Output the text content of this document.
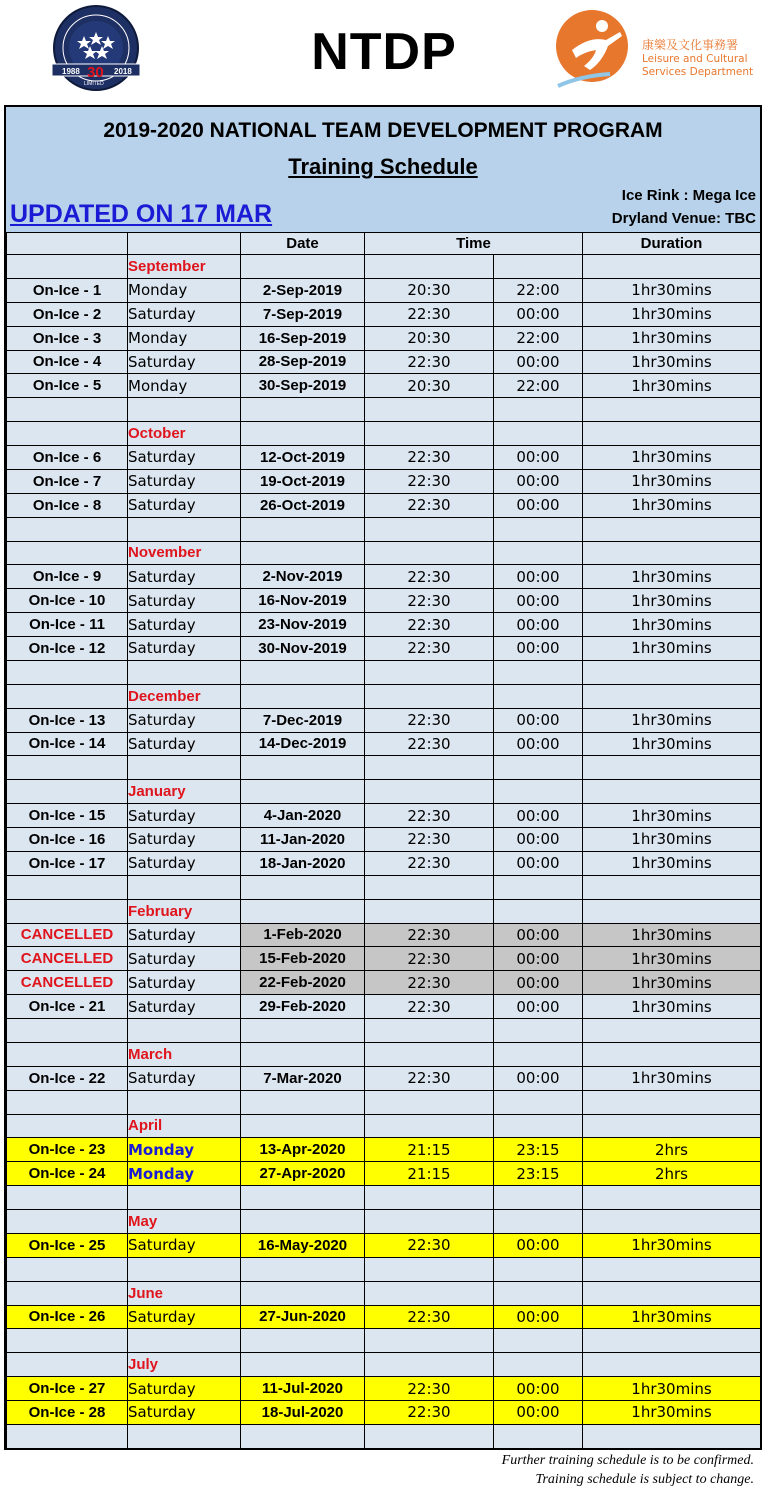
1988 30 2018
LIMITED
NTDP	康樂及文化事務署
Leisure and Cultural
Services Department
2019-2020 NATIONAL TEAM DEVELOPMENT PROGRAM
Training Schedule
UPDATED ON 17 MAR
Ice Rink : Mega Ice
Dryland Venue: TBC
		Date	Time		Duration
	September				
On-Ice - 1	Monday	2-Sep-2019	20:30	22:00	1hr30mins
On-Ice - 2	Saturday	7-Sep-2019	22:30	00:00	1hr30mins
On-Ice - 3	Monday	16-Sep-2019	20:30	22:00	1hr30mins
On-Ice - 4	Saturday	28-Sep-2019	22:30	00:00	1hr30mins
On-Ice - 5	Monday	30-Sep-2019	20:30	22:00	1hr30mins

	October				
On-Ice - 6	Saturday	12-Oct-2019	22:30	00:00	1hr30mins
On-Ice - 7	Saturday	19-Oct-2019	22:30	00:00	1hr30mins
On-Ice - 8	Saturday	26-Oct-2019	22:30	00:00	1hr30mins

	November				
On-Ice - 9	Saturday	2-Nov-2019	22:30	00:00	1hr30mins
On-Ice - 10	Saturday	16-Nov-2019	22:30	00:00	1hr30mins
On-Ice - 11	Saturday	23-Nov-2019	22:30	00:00	1hr30mins
On-Ice - 12	Saturday	30-Nov-2019	22:30	00:00	1hr30mins

	December				
On-Ice - 13	Saturday	7-Dec-2019	22:30	00:00	1hr30mins
On-Ice - 14	Saturday	14-Dec-2019	22:30	00:00	1hr30mins

	January				
On-Ice - 15	Saturday	4-Jan-2020	22:30	00:00	1hr30mins
On-Ice - 16	Saturday	11-Jan-2020	22:30	00:00	1hr30mins
On-Ice - 17	Saturday	18-Jan-2020	22:30	00:00	1hr30mins

	February				
CANCELLED	Saturday	1-Feb-2020	22:30	00:00	1hr30mins
CANCELLED	Saturday	15-Feb-2020	22:30	00:00	1hr30mins
CANCELLED	Saturday	22-Feb-2020	22:30	00:00	1hr30mins
On-Ice - 21	Saturday	29-Feb-2020	22:30	00:00	1hr30mins

	March				
On-Ice - 22	Saturday	7-Mar-2020	22:30	00:00	1hr30mins

	April				
On-Ice - 23	Monday	13-Apr-2020	21:15	23:15	2hrs
On-Ice - 24	Monday	27-Apr-2020	21:15	23:15	2hrs

	May				
On-Ice - 25	Saturday	16-May-2020	22:30	00:00	1hr30mins

	June				
On-Ice - 26	Saturday	27-Jun-2020	22:30	00:00	1hr30mins

	July				
On-Ice - 27	Saturday	11-Jul-2020	22:30	00:00	1hr30mins
On-Ice - 28	Saturday	18-Jul-2020	22:30	00:00	1hr30mins

Further training schedule is to be confirmed.
Training schedule is subject to change.
